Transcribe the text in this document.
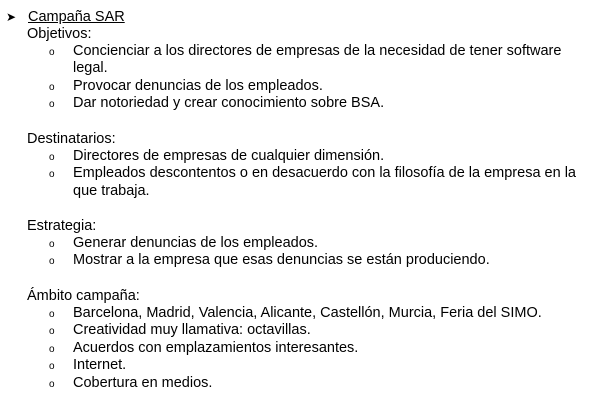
➤ Campaña SAR
Objetivos:
o Concienciar a los directores de empresas de la necesidad de tener software legal.
o Provocar denuncias de los empleados.
o Dar notoriedad y crear conocimiento sobre BSA.
Destinatarios:
o Directores de empresas de cualquier dimensión.
o Empleados descontentos o en desacuerdo con la filosofía de la empresa en la que trabaja.
Estrategia:
o Generar denuncias de los empleados.
o Mostrar a la empresa que esas denuncias se están produciendo.
Ámbito campaña:
o Barcelona, Madrid, Valencia, Alicante, Castellón, Murcia, Feria del SIMO.
o Creatividad muy llamativa: octavillas.
o Acuerdos con emplazamientos interesantes.
o Internet.
o Cobertura en medios.
